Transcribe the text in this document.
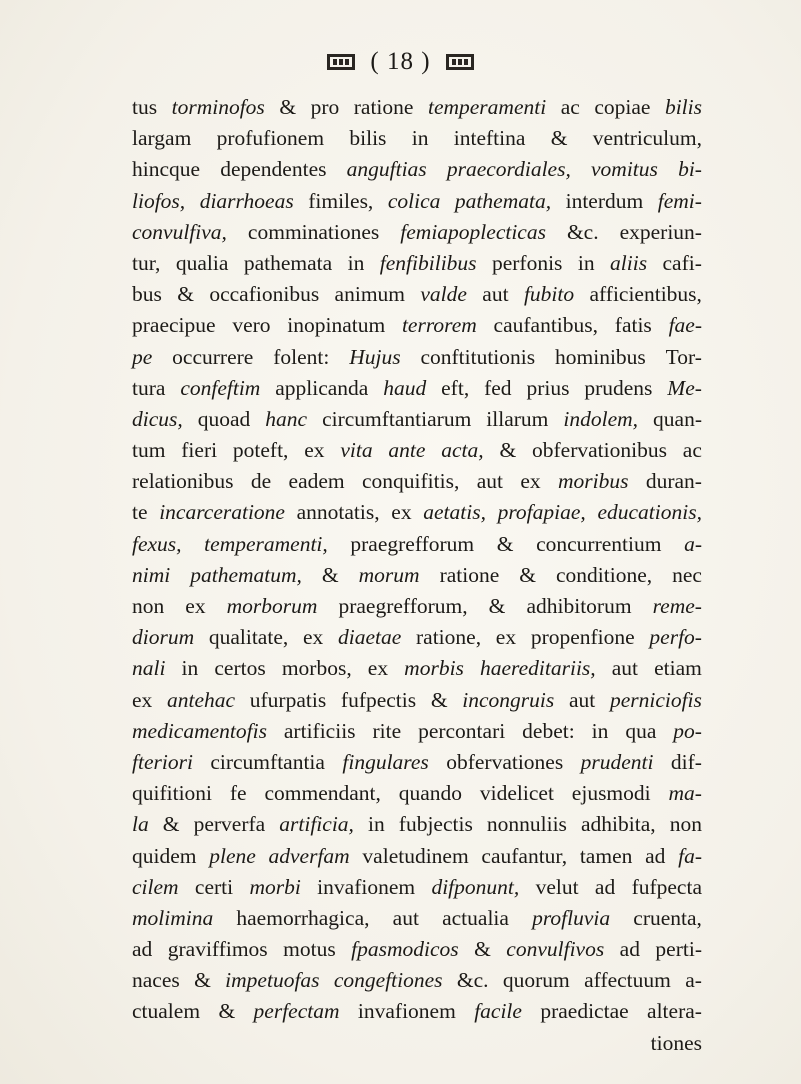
( 18 )
tus torminofos & pro ratione temperamenti ac copiae bilis
largam profufionem bilis in inteftina & ventriculum,
hincque dependentes anguftias praecordiales, vomitus bi-
liofos, diarrhoeas fimiles, colica pathemata, interdum femi-
convulfiva, comminationes femiapoplecticas &c. experiun-
tur, qualia pathemata in fenfibilibus perfonis in aliis cafi-
bus & occafionibus animum valde aut fubito afficientibus,
praecipue vero inopinatum terrorem caufantibus, fatis fae-
pe occurrere folent: Hujus conftitutionis hominibus Tor-
tura confeftim applicanda haud eft, fed prius prudens Me-
dicus, quoad hanc circumftantiarum illarum indolem, quan-
tum fieri poteft, ex vita ante acta, & obfervationibus ac
relationibus de eadem conquifitis, aut ex moribus duran-
te incarceratione annotatis, ex aetatis, profapiae, educationis,
fexus, temperamenti, praegrefforum & concurrentium a-
nimi pathematum, & morum ratione & conditione, nec
non ex morborum praegrefforum, & adhibitorum reme-
diorum qualitate, ex diaetae ratione, ex propenfione perfo-
nali in certos morbos, ex morbis haereditariis, aut etiam
ex antehac ufurpatis fufpectis & incongruis aut perniciofis
medicamentofis artificiis rite percontari debet: in qua po-
fteriori circumftantia fingulares obfervationes prudenti dif-
quifitioni fe commendant, quando videlicet ejusmodi ma-
la & perverfa artificia, in fubjectis nonnuliis adhibita, non
quidem plene adverfam valetudinem caufantur, tamen ad fa-
cilem certi morbi invafionem difponunt, velut ad fufpecta
molimina haemorrhagica, aut actualia profluvia cruenta,
ad graviffimos motus fpasmodicos & convulfivos ad perti-
naces & impetuofas congeftiones &c. quorum affectuum a-
ctualem & perfectam invafionem facile praedictae altera-
tiones
